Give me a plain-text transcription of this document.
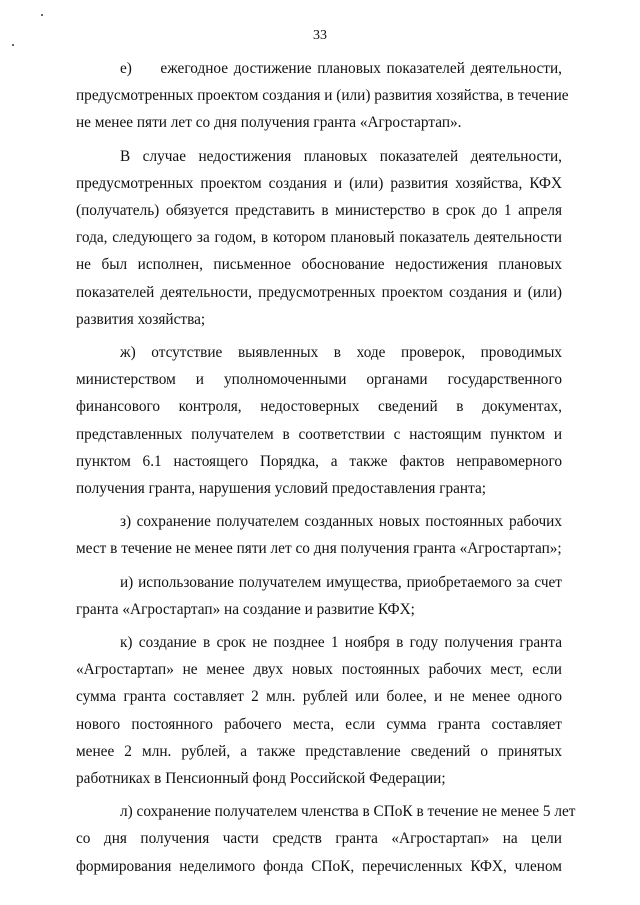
33

е)     ежегодное достижение плановых показателей деятельности,
предусмотренных проектом создания и (или) развития хозяйства, в течение
не менее пяти лет со дня получения гранта «Агростартап».

В случае недостижения плановых показателей деятельности,
предусмотренных проектом создания и (или) развития хозяйства, КФХ
(получатель) обязуется представить в министерство в срок до 1 апреля
года, следующего за годом, в котором плановый показатель деятельности
не был исполнен, письменное обоснование недостижения плановых
показателей деятельности, предусмотренных проектом создания и (или)
развития хозяйства;

ж) отсутствие выявленных в ходе проверок, проводимых
министерством и уполномоченными органами государственного
финансового контроля, недостоверных сведений в документах,
представленных получателем в соответствии с настоящим пунктом и
пунктом 6.1 настоящего Порядка, а также фактов неправомерного
получения гранта, нарушения условий предоставления гранта;

з) сохранение получателем созданных новых постоянных рабочих
мест в течение не менее пяти лет со дня получения гранта «Агростартап»;

и) использование получателем имущества, приобретаемого за счет
гранта «Агростартап» на создание и развитие КФХ;

к) создание в срок не позднее 1 ноября в году получения гранта
«Агростартап» не менее двух новых постоянных рабочих мест, если
сумма гранта составляет 2 млн. рублей или более, и не менее одного
нового постоянного рабочего места, если сумма гранта составляет
менее 2 млн. рублей, а также представление сведений о принятых
работниках в Пенсионный фонд Российской Федерации;

л) сохранение получателем членства в СПоК в течение не менее 5 лет
со дня получения части средств гранта «Агростартап» на цели
формирования неделимого фонда СПоК, перечисленных КФХ, членом
